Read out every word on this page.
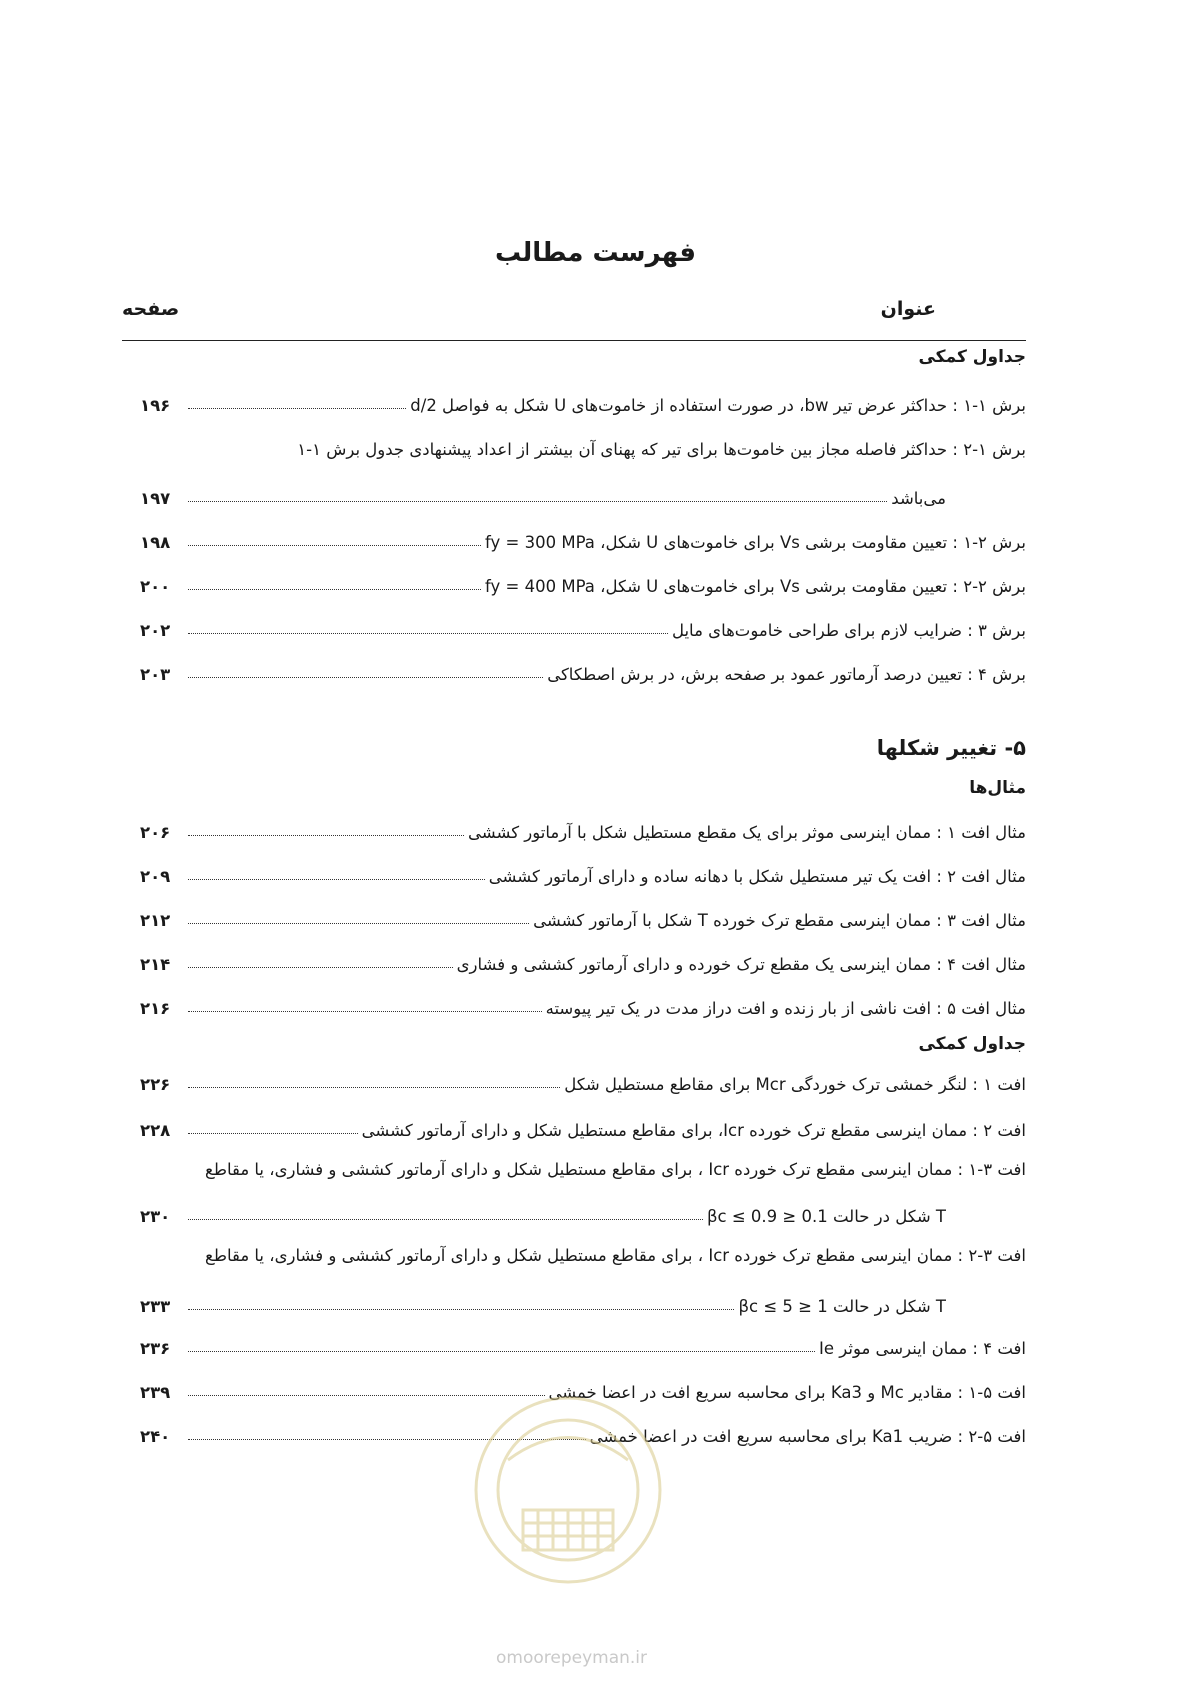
فهرست مطالب
عنوان
صفحه
جداول کمکی
برش ۱-۱ : حداکثر عرض تیر bw، در صورت استفاده از خاموت‌های U شکل به فواصل d/2
۱۹۶
برش ۱-۲ : حداکثر فاصله مجاز بین خاموت‌ها برای تیر که پهنای آن بیشتر از اعداد پیشنهادی جدول برش ۱-۱
می‌باشد
۱۹۷
برش ۲-۱ : تعیین مقاومت برشی Vs برای خاموت‌های U شکل، fy = 300 MPa
۱۹۸
برش ۲-۲ : تعیین مقاومت برشی Vs برای خاموت‌های U شکل، fy = 400 MPa
۲۰۰
برش ۳ : ضرایب لازم برای طراحی خاموت‌های مایل
۲۰۲
برش ۴ : تعیین درصد آرماتور عمود بر صفحه برش، در برش اصطکاکی
۲۰۳
۵- تغییر شکلها
مثال‌ها
مثال افت ۱ : ممان اینرسی موثر برای یک مقطع مستطیل شکل با آرماتور کششی
۲۰۶
مثال افت ۲ : افت یک تیر مستطیل شکل با دهانه ساده و دارای آرماتور کششی
۲۰۹
مثال افت ۳ : ممان اینرسی مقطع ترک خورده T شکل با آرماتور کششی
۲۱۲
مثال افت ۴ : ممان اینرسی یک مقطع ترک خورده و دارای آرماتور کششی و فشاری
۲۱۴
مثال افت ۵ : افت ناشی از بار زنده و افت دراز مدت در یک تیر پیوسته
۲۱۶
جداول کمکی
افت ۱ : لنگر خمشی ترک خوردگی Mcr برای مقاطع مستطیل شکل
۲۲۶
افت ۲ : ممان اینرسی مقطع ترک خورده Icr، برای مقاطع مستطیل شکل و دارای آرماتور کششی
۲۲۸
افت ۳-۱ : ممان اینرسی مقطع ترک خورده Icr ، برای مقاطع مستطیل شکل و دارای آرماتور کششی و فشاری، یا مقاطع
T شکل در حالت 0.1 ≤ βc ≤ 0.9
۲۳۰
افت ۳-۲ : ممان اینرسی مقطع ترک خورده Icr ، برای مقاطع مستطیل شکل و دارای آرماتور کششی و فشاری، یا مقاطع
T شکل در حالت 1 ≤ βc ≤ 5
۲۳۳
افت ۴ : ممان اینرسی موثر Ie
۲۳۶
افت ۵-۱ : مقادیر Mc و Ka3 برای محاسبه سریع افت در اعضا خمشی
۲۳۹
افت ۵-۲ : ضریب Ka1 برای محاسبه سریع افت در اعضا خمشی
۲۴۰
omoorepeyman.ir
